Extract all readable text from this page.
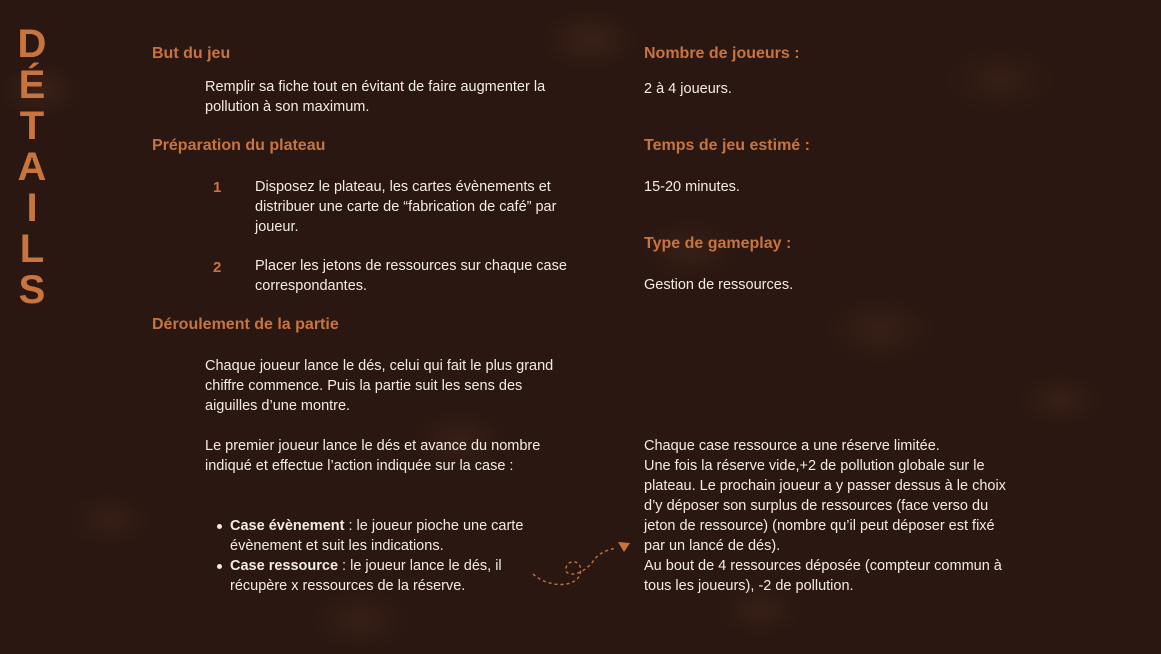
D
É
T
A
I
L
S
But du jeu

Remplir sa fiche tout en évitant de faire augmenter la pollution à son maximum.

Préparation du plateau
1 Disposez le plateau, les cartes évènements et distribuer une carte de “fabrication de café” par joueur.

2 Placer les jetons de ressources sur chaque case correspondantes.

Déroulement de la partie

Chaque joueur lance le dés, celui qui fait le plus grand chiffre commence. Puis la partie suit les sens des aiguilles d’une montre.

Le premier joueur lance le dés et avance du nombre indiqué et effectue l’action indiquée sur la case :

Case évènement : le joueur pioche une carte évènement et suit les indications.
Case ressource : le joueur lance le dés, il récupère x ressources de la réserve.
Nombre de joueurs :

2 à 4 joueurs.

Temps de jeu estimé :

15-20 minutes.

Type de gameplay :

Gestion de ressources.

Chaque case ressource a une réserve limitée.
Une fois la réserve vide,+2 de pollution globale sur le plateau. Le prochain joueur a y passer dessus à le choix d’y déposer son surplus de ressources (face verso du jeton de ressource) (nombre qu’il peut déposer est fixé par un lancé de dés).
Au bout de 4 ressources déposée (compteur commun à tous les joueurs), -2 de pollution.
